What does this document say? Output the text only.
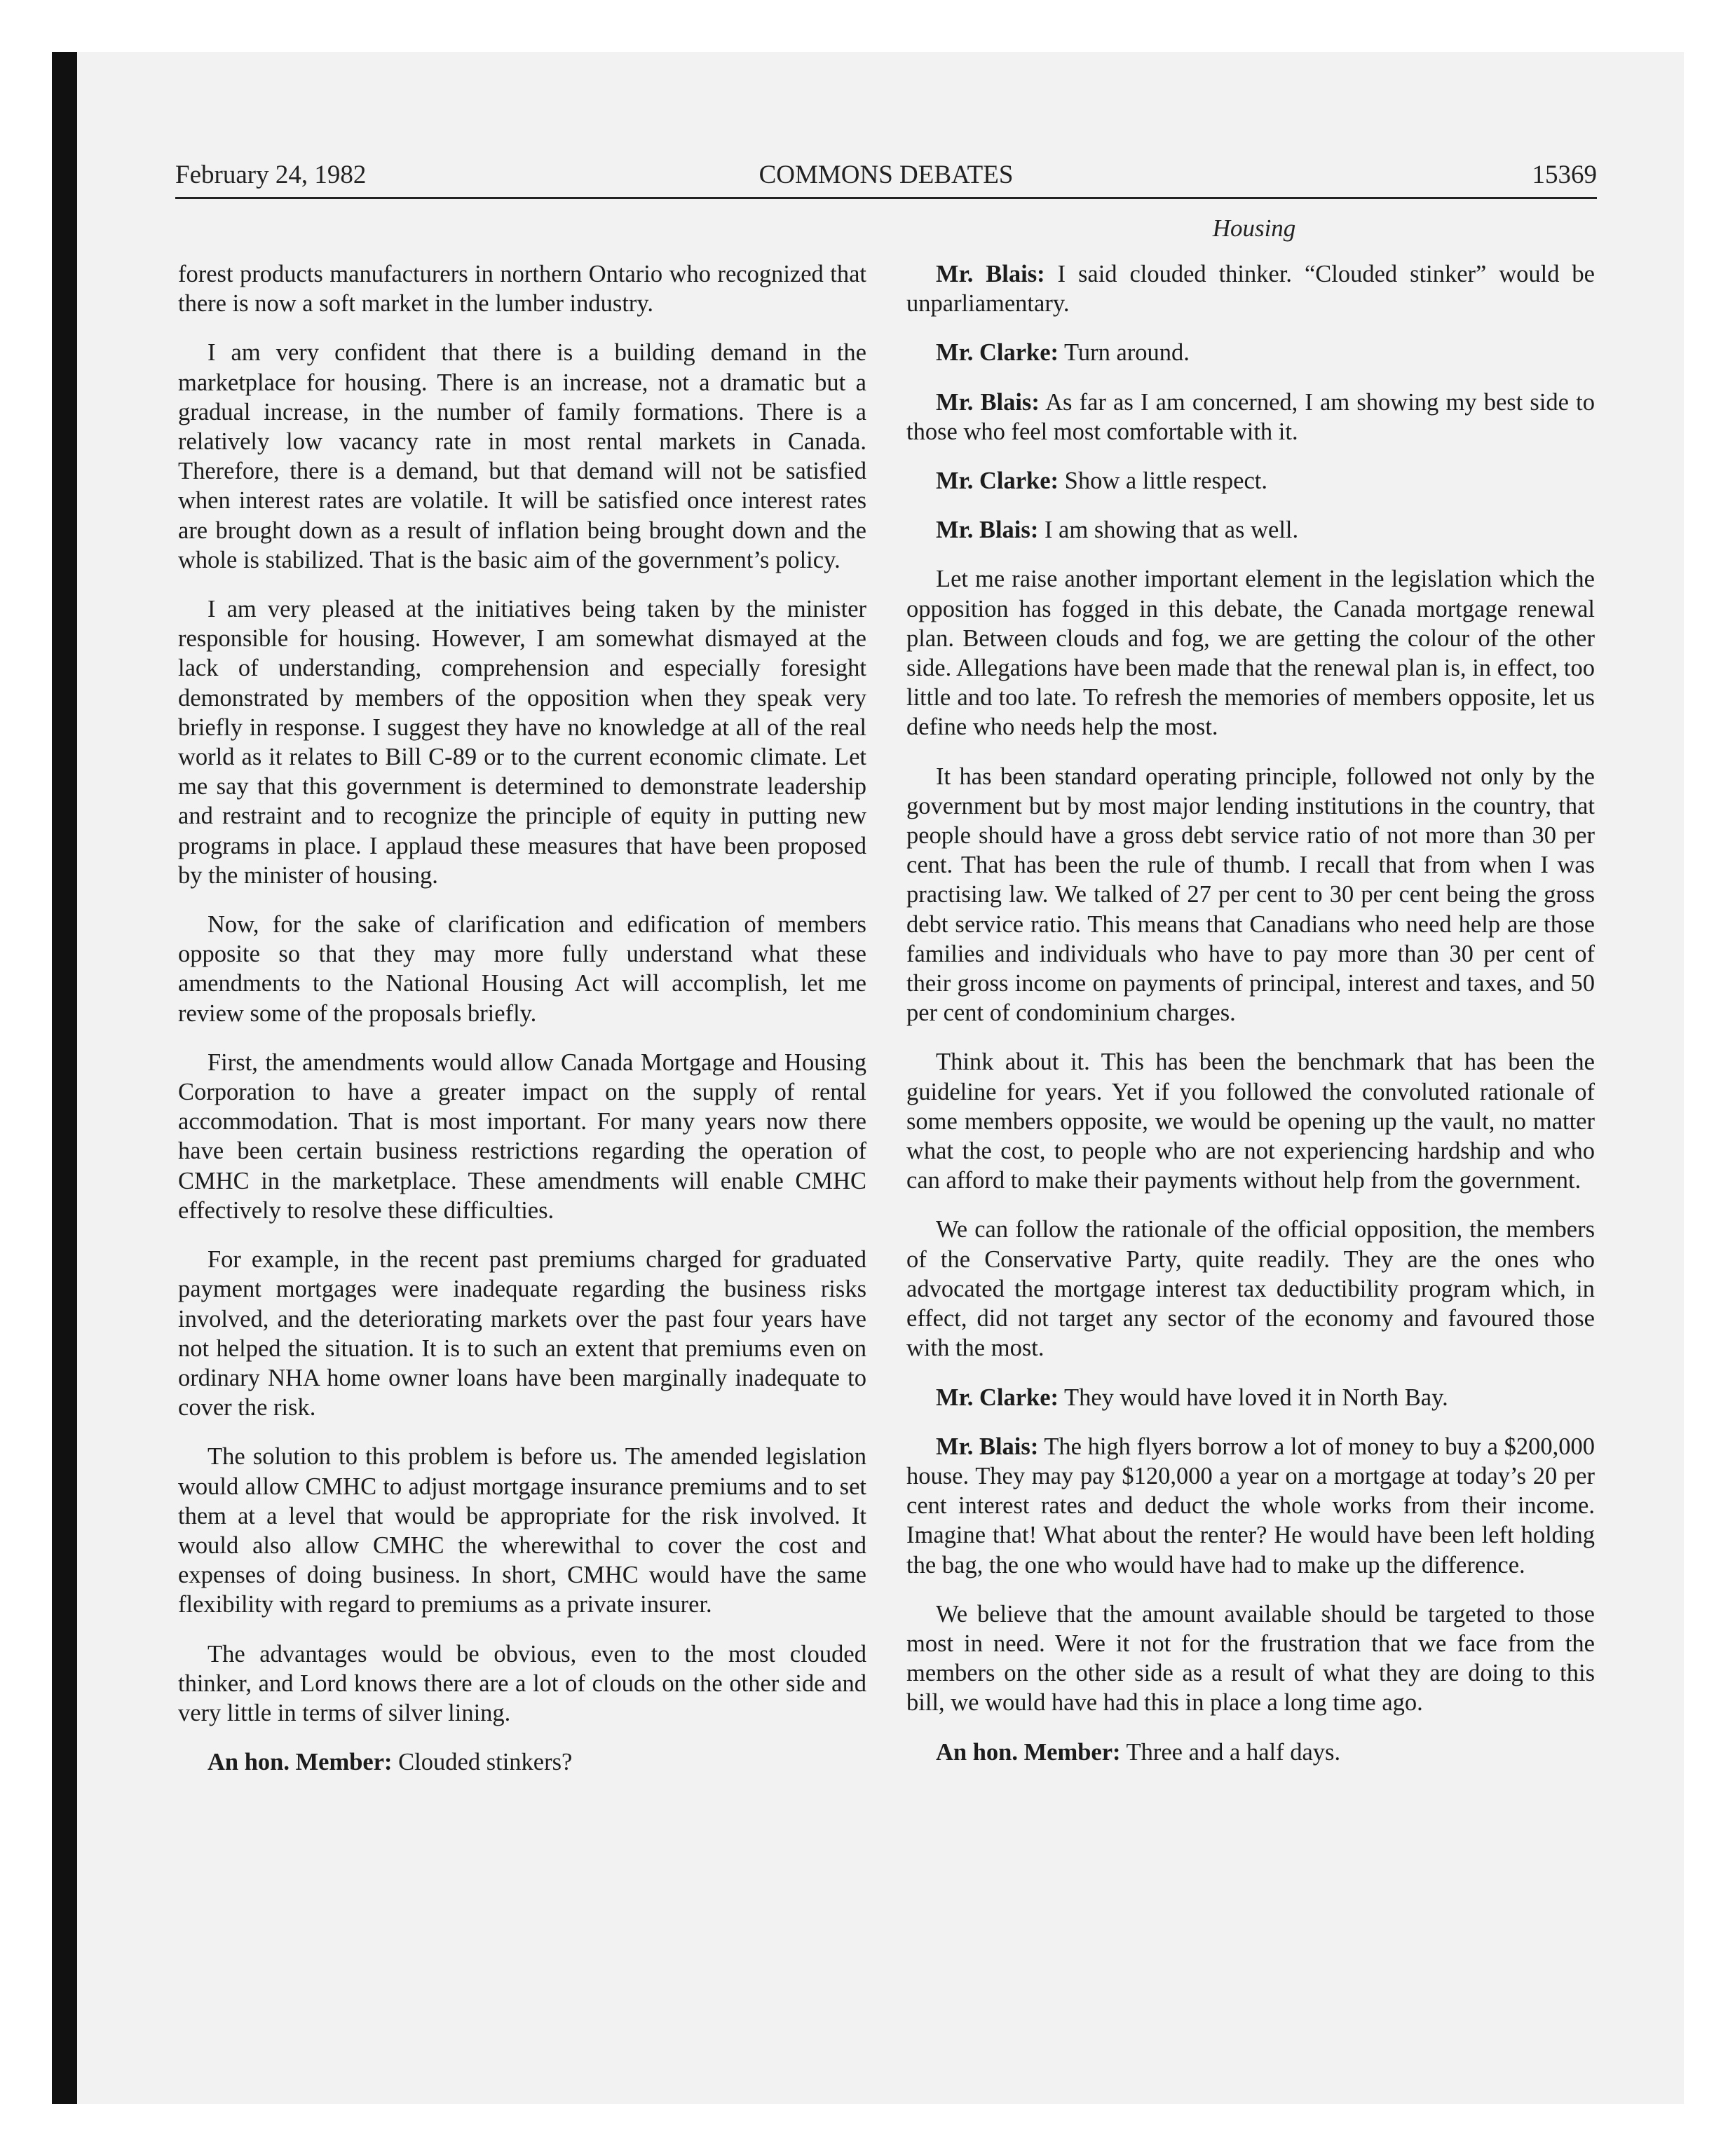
February 24, 1982	COMMONS DEBATES	15369
Housing

forest products manufacturers in northern Ontario who recognized that there is now a soft market in the lumber industry.

I am very confident that there is a building demand in the marketplace for housing. There is an increase, not a dramatic but a gradual increase, in the number of family formations. There is a relatively low vacancy rate in most rental markets in Canada. Therefore, there is a demand, but that demand will not be satisfied when interest rates are volatile. It will be satisfied once interest rates are brought down as a result of inflation being brought down and the whole is stabilized. That is the basic aim of the government’s policy.

I am very pleased at the initiatives being taken by the minister responsible for housing. However, I am somewhat dismayed at the lack of understanding, comprehension and especially foresight demonstrated by members of the opposition when they speak very briefly in response. I suggest they have no knowledge at all of the real world as it relates to Bill C-89 or to the current economic climate. Let me say that this government is determined to demonstrate leadership and restraint and to recognize the principle of equity in putting new programs in place. I applaud these measures that have been proposed by the minister of housing.

Now, for the sake of clarification and edification of members opposite so that they may more fully understand what these amendments to the National Housing Act will accomplish, let me review some of the proposals briefly.

First, the amendments would allow Canada Mortgage and Housing Corporation to have a greater impact on the supply of rental accommodation. That is most important. For many years now there have been certain business restrictions regarding the operation of CMHC in the marketplace. These amendments will enable CMHC effectively to resolve these difficulties.

For example, in the recent past premiums charged for graduated payment mortgages were inadequate regarding the business risks involved, and the deteriorating markets over the past four years have not helped the situation. It is to such an extent that premiums even on ordinary NHA home owner loans have been marginally inadequate to cover the risk.

The solution to this problem is before us. The amended legislation would allow CMHC to adjust mortgage insurance premiums and to set them at a level that would be appropriate for the risk involved. It would also allow CMHC the wherewithal to cover the cost and expenses of doing business. In short, CMHC would have the same flexibility with regard to premiums as a private insurer.

The advantages would be obvious, even to the most clouded thinker, and Lord knows there are a lot of clouds on the other side and very little in terms of silver lining.

An hon. Member: Clouded stinkers?

Mr. Blais: I said clouded thinker. “Clouded stinker” would be unparliamentary.

Mr. Clarke: Turn around.

Mr. Blais: As far as I am concerned, I am showing my best side to those who feel most comfortable with it.

Mr. Clarke: Show a little respect.

Mr. Blais: I am showing that as well.

Let me raise another important element in the legislation which the opposition has fogged in this debate, the Canada mortgage renewal plan. Between clouds and fog, we are getting the colour of the other side. Allegations have been made that the renewal plan is, in effect, too little and too late. To refresh the memories of members opposite, let us define who needs help the most.

It has been standard operating principle, followed not only by the government but by most major lending institutions in the country, that people should have a gross debt service ratio of not more than 30 per cent. That has been the rule of thumb. I recall that from when I was practising law. We talked of 27 per cent to 30 per cent being the gross debt service ratio. This means that Canadians who need help are those families and individuals who have to pay more than 30 per cent of their gross income on payments of principal, interest and taxes, and 50 per cent of condominium charges.

Think about it. This has been the benchmark that has been the guideline for years. Yet if you followed the convoluted rationale of some members opposite, we would be opening up the vault, no matter what the cost, to people who are not experiencing hardship and who can afford to make their payments without help from the government.

We can follow the rationale of the official opposition, the members of the Conservative Party, quite readily. They are the ones who advocated the mortgage interest tax deductibility program which, in effect, did not target any sector of the economy and favoured those with the most.

Mr. Clarke: They would have loved it in North Bay.

Mr. Blais: The high flyers borrow a lot of money to buy a $200,000 house. They may pay $120,000 a year on a mortgage at today’s 20 per cent interest rates and deduct the whole works from their income. Imagine that! What about the renter? He would have been left holding the bag, the one who would have had to make up the difference.

We believe that the amount available should be targeted to those most in need. Were it not for the frustration that we face from the members on the other side as a result of what they are doing to this bill, we would have had this in place a long time ago.

An hon. Member: Three and a half days.
